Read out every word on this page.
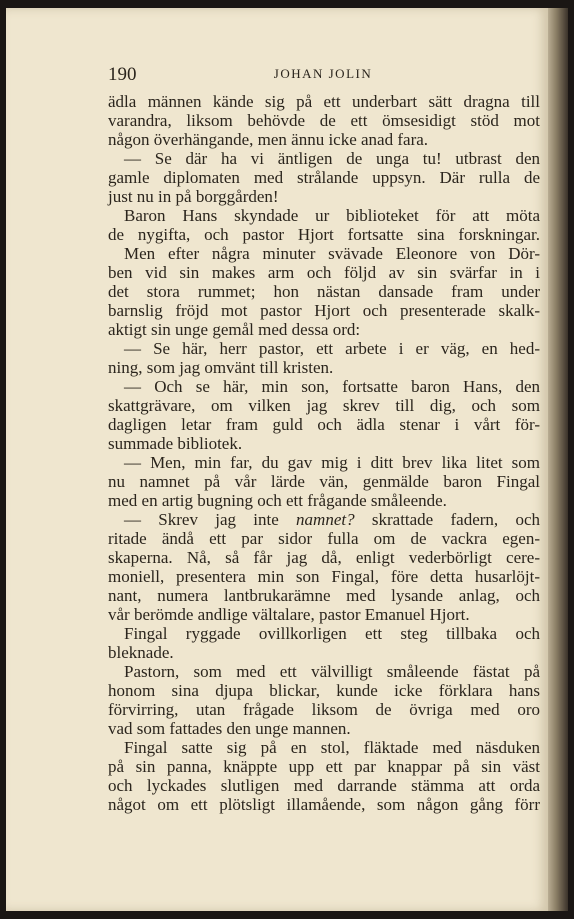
190	JOHAN JOLIN
ädla männen kände sig på ett underbart sätt dragna till
varandra, liksom behövde de ett ömsesidigt stöd mot
någon överhängande, men ännu icke anad fara.
— Se där ha vi äntligen de unga tu! utbrast den
gamle diplomaten med strålande uppsyn. Där rulla de
just nu in på borggården!
Baron Hans skyndade ur biblioteket för att möta
de nygifta, och pastor Hjort fortsatte sina forskningar.
Men efter några minuter svävade Eleonore von Dör-
ben vid sin makes arm och följd av sin svärfar in i
det stora rummet; hon nästan dansade fram under
barnslig fröjd mot pastor Hjort och presenterade skalk-
aktigt sin unge gemål med dessa ord:
— Se här, herr pastor, ett arbete i er väg, en hed-
ning, som jag omvänt till kristen.
— Och se här, min son, fortsatte baron Hans, den
skattgrävare, om vilken jag skrev till dig, och som
dagligen letar fram guld och ädla stenar i vårt för-
summade bibliotek.
— Men, min far, du gav mig i ditt brev lika litet som
nu namnet på vår lärde vän, genmälde baron Fingal
med en artig bugning och ett frågande småleende.
— Skrev jag inte namnet? skrattade fadern, och
ritade ändå ett par sidor fulla om de vackra egen-
skaperna. Nå, så får jag då, enligt vederbörligt cere-
moniell, presentera min son Fingal, före detta husarlöjt-
nant, numera lantbrukarämne med lysande anlag, och
vår berömde andlige vältalare, pastor Emanuel Hjort.
Fingal ryggade ovillkorligen ett steg tillbaka och
bleknade.
Pastorn, som med ett välvilligt småleende fästat på
honom sina djupa blickar, kunde icke förklara hans
förvirring, utan frågade liksom de övriga med oro
vad som fattades den unge mannen.
Fingal satte sig på en stol, fläktade med näsduken
på sin panna, knäppte upp ett par knappar på sin väst
och lyckades slutligen med darrande stämma att orda
något om ett plötsligt illamående, som någon gång förr
